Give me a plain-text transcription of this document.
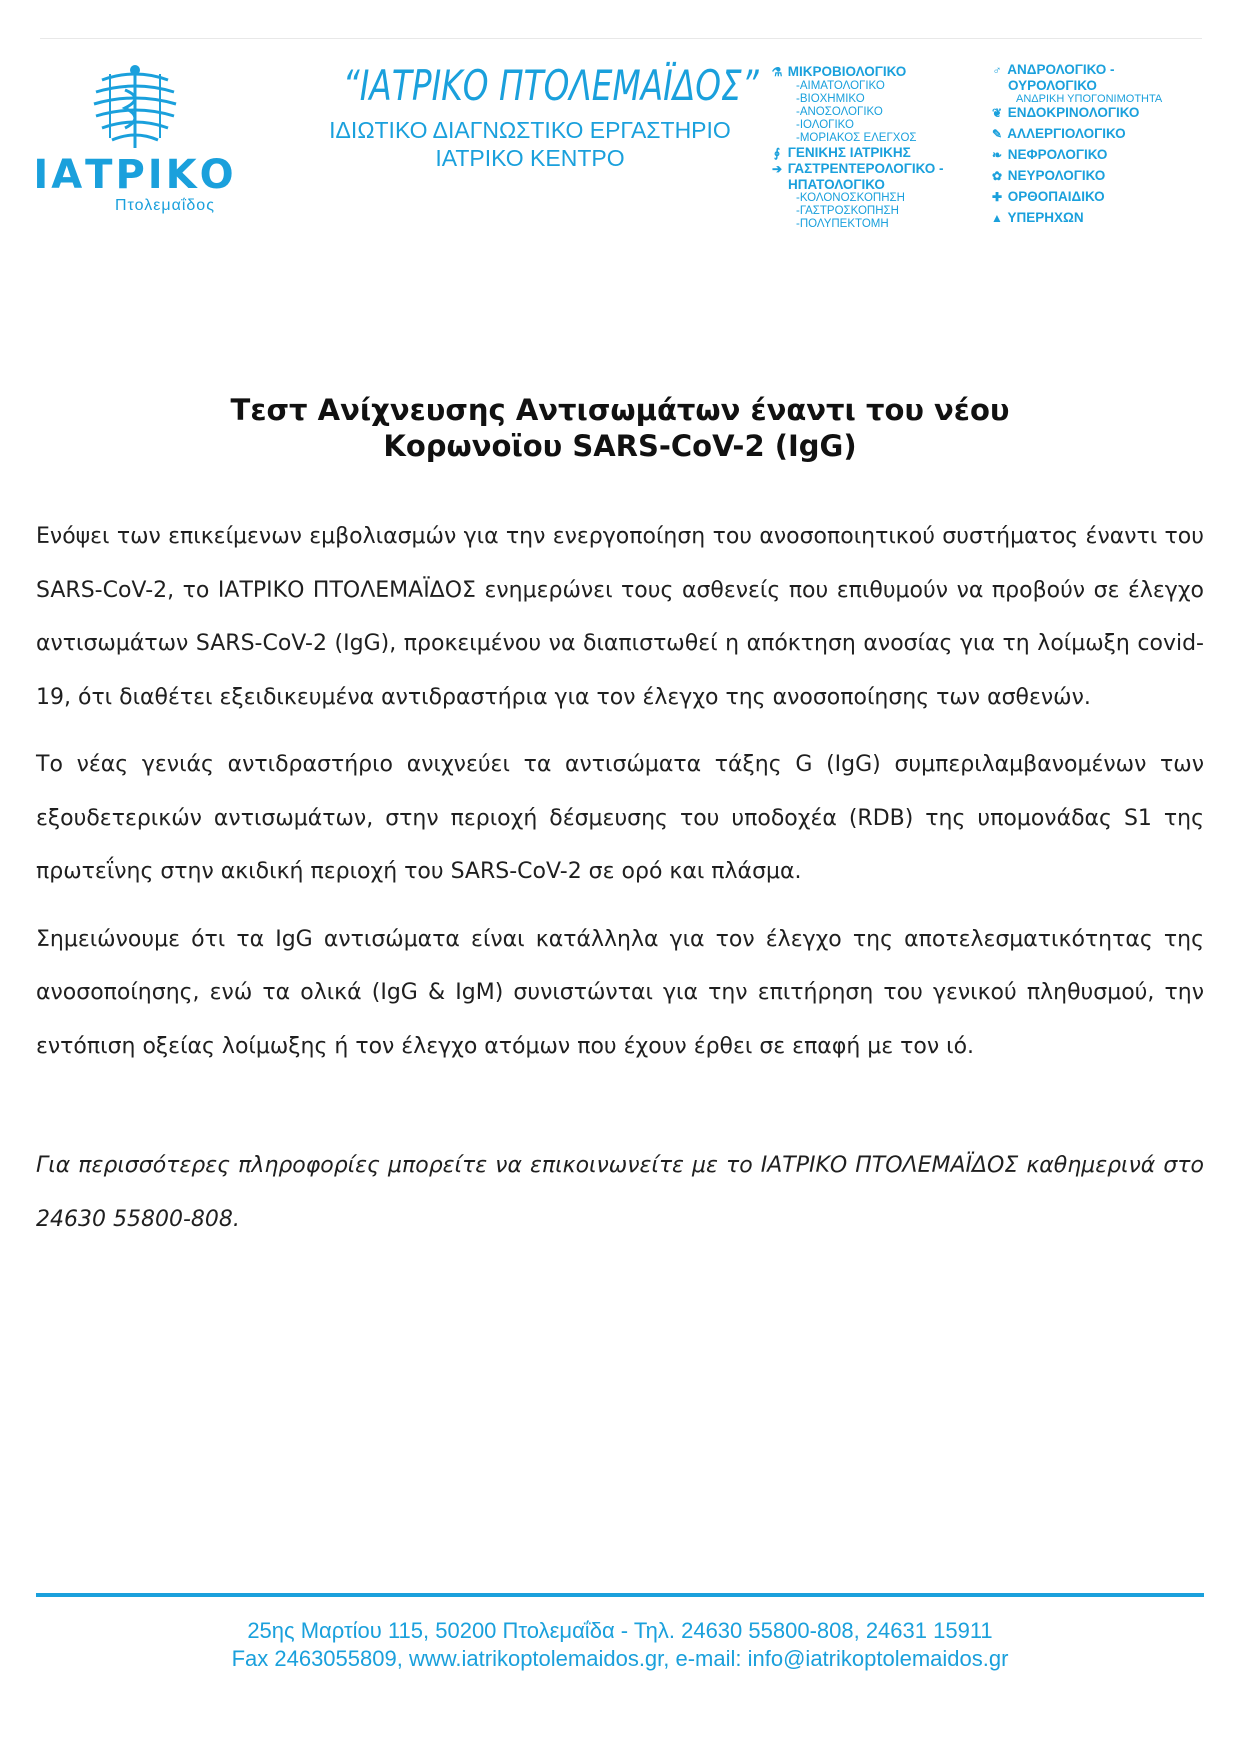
ΙΑΤΡΙΚΟ
Πτολεμαΐδος
“ΙΑΤΡΙΚΟ ΠΤΟΛΕΜΑΪΔΟΣ”
ΙΔΙΩΤΙΚΟ ΔΙΑΓΝΩΣΤΙΚΟ ΕΡΓΑΣΤΗΡΙΟ
ΙΑΤΡΙΚΟ ΚΕΝΤΡΟ
⚗ ΜΙΚΡΟΒΙΟΛΟΓΙΚΟ
-ΑΙΜΑΤΟΛΟΓΙΚΟ
-ΒΙΟΧΗΜΙΚΟ
-ΑΝΟΣΟΛΟΓΙΚΟ
-ΙΟΛΟΓΙΚΟ
-ΜΟΡΙΑΚΟΣ ΕΛΕΓΧΟΣ
∮ ΓΕΝΙΚΗΣ ΙΑΤΡΙΚΗΣ
➔ ΓΑΣΤΡΕΝΤΕΡΟΛΟΓΙΚΟ -
ΗΠΑΤΟΛΟΓΙΚΟ
-ΚΟΛΟΝΟΣΚΟΠΗΣΗ
-ΓΑΣΤΡΟΣΚΟΠΗΣΗ
-ΠΟΛΥΠΕΚΤΟΜΗ
♂ ΑΝΔΡΟΛΟΓΙΚΟ -
ΟΥΡΟΛΟΓΙΚΟ
ΑΝΔΡΙΚΗ ΥΠΟΓΟΝΙΜΟΤΗΤΑ
❦ ΕΝΔΟΚΡΙΝΟΛΟΓΙΚΟ
✎ ΑΛΛΕΡΓΙΟΛΟΓΙΚΟ
❧ ΝΕΦΡΟΛΟΓΙΚΟ
✿ ΝΕΥΡΟΛΟΓΙΚΟ
✚ ΟΡΘΟΠΑΙΔΙΚΟ
▲ ΥΠΕΡΗΧΩΝ
Τεστ Ανίχνευσης Αντισωμάτων έναντι του νέου
Κορωνοϊου SARS-CoV-2 (IgG)

Ενόψει των επικείμενων εμβολιασμών για την ενεργοποίηση του ανοσοποιητικού συστήματος έναντι του SARS-CoV-2, το ΙΑΤΡΙΚΟ ΠΤΟΛΕΜΑΪΔΟΣ ενημερώνει τους ασθενείς που επιθυμούν να προβούν σε έλεγχο αντισωμάτων SARS-CoV-2 (IgG), προκειμένου να διαπιστωθεί η απόκτηση ανοσίας για τη λοίμωξη covid-19, ότι διαθέτει εξειδικευμένα αντιδραστήρια για τον έλεγχο της ανοσοποίησης των ασθενών.

Το νέας γενιάς αντιδραστήριο ανιχνεύει τα αντισώματα τάξης G (IgG) συμπεριλαμβανομένων των εξουδετερικών αντισωμάτων, στην περιοχή δέσμευσης του υποδοχέα (RDB) της υπομονάδας S1 της πρωτεΐνης στην ακιδική περιοχή του SARS-CoV-2 σε ορό και πλάσμα.

Σημειώνουμε ότι τα IgG αντισώματα είναι κατάλληλα για τον έλεγχο της αποτελεσματικότητας της ανοσοποίησης, ενώ τα ολικά (IgG & IgM) συνιστώνται για την επιτήρηση του γενικού πληθυσμού, την εντόπιση οξείας λοίμωξης ή τον έλεγχο ατόμων που έχουν έρθει σε επαφή με τον ιό.

Για περισσότερες πληροφορίες μπορείτε να επικοινωνείτε με το ΙΑΤΡΙΚΟ ΠΤΟΛΕΜΑΪΔΟΣ καθημερινά στο 24630 55800-808.

25ης Μαρτίου 115, 50200 Πτολεμαΐδα - Τηλ. 24630 55800-808, 24631 15911
Fax 2463055809, www.iatrikoptolemaidos.gr, e-mail: info@iatrikoptolemaidos.gr
